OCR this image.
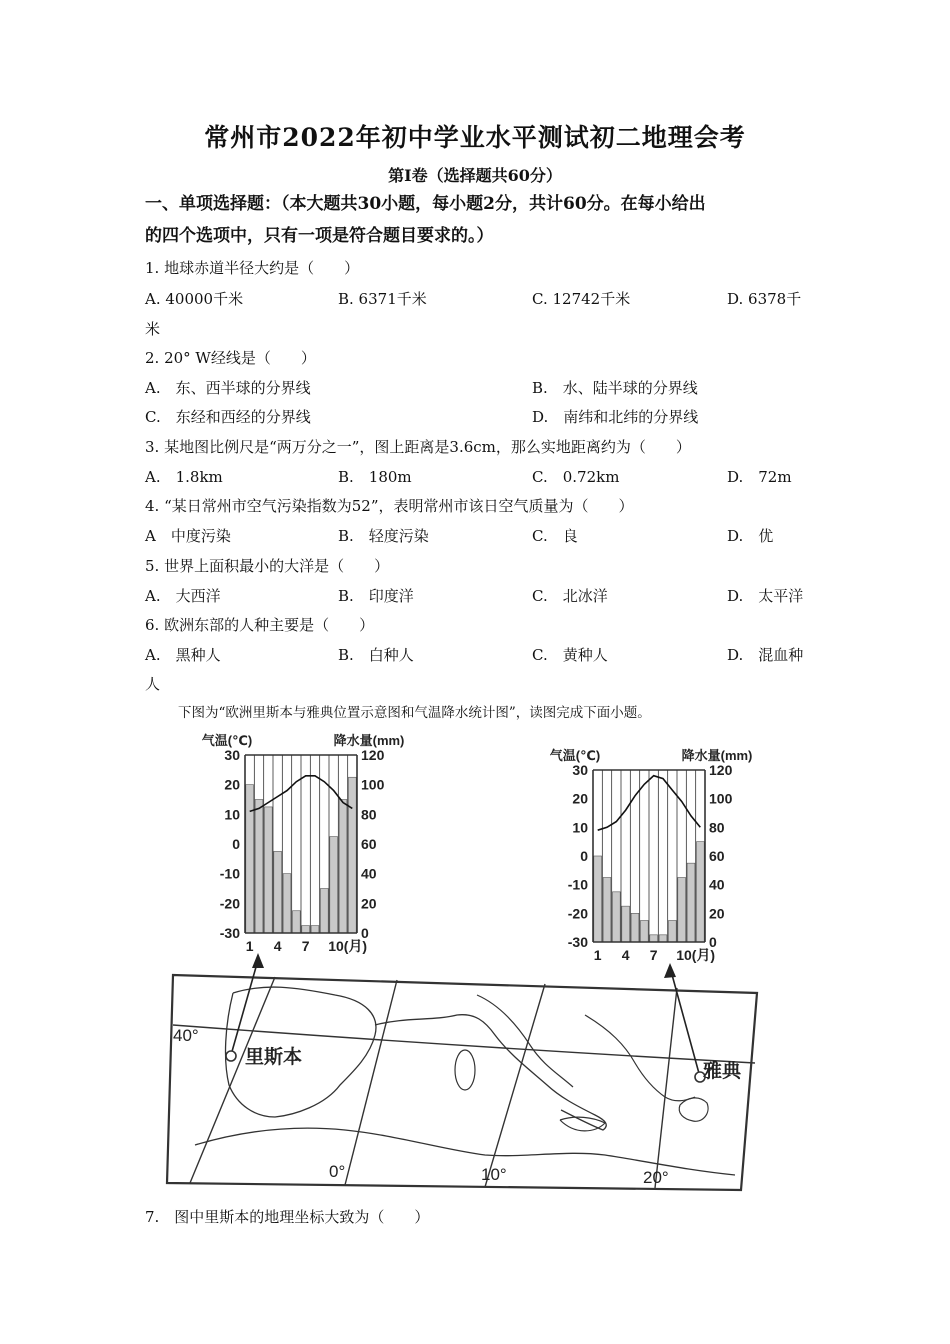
常州市2022年初中学业水平测试初二地理会考
第Ⅰ卷（选择题共60分）
一、单项选择题：（本大题共30小题，每小题2分，共计60分。在每小给出
的四个选项中，只有一项是符合题目要求的。）
1. 地球赤道半径大约是（　　）
A. 40000千米	B. 6371千米	C. 12742千米	D. 6378千
米
2. 20° W经线是（　　）
A.　东、西半球的分界线	B.　水、陆半球的分界线
C.　东经和西经的分界线	D.　南纬和北纬的分界线
3. 某地图比例尺是“两万分之一”，图上距离是3.6cm，那么实地距离约为（　　）
A.　1.8km	B.　180m	C.　0.72km	D.　72m
4. “某日常州市空气污染指数为52”，表明常州市该日空气质量为（　　）
A　中度污染	B.　轻度污染	C.　良	D.　优
5. 世界上面积最小的大洋是（　　）
A.　大西洋	B.　印度洋	C.　北冰洋	D.　太平洋
6. 欧洲东部的人种主要是（　　）
A.　黑种人	B.　白种人	C.　黄种人	D.　混血种
人
下图为“欧洲里斯本与雅典位置示意图和气温降水统计图”，读图完成下面小题。
30
20
10
0
-10
-20
-30
120
100
80
60
40
20
0
1 4 7 10(月)
气温(℃)	降水量(mm)
30
20
10
0
-10
-20
-30
120
100
80
60
40
20
0
1 4 7 10(月)
气温(℃)	降水量(mm)
40°
里斯本
雅典
0°	10°	20°
7.　图中里斯本的地理坐标大致为（　　）
